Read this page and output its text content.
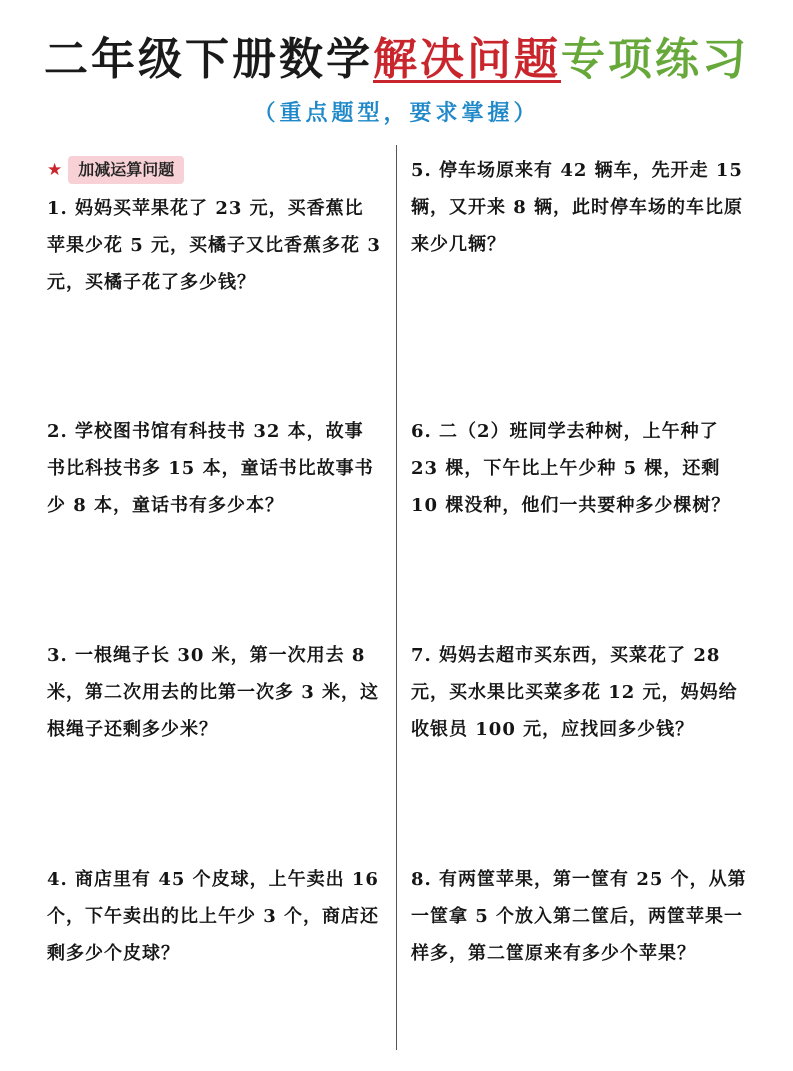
二年级下册数学解决问题专项练习
（重点题型，要求掌握）
★	加减运算问题
1. 妈妈买苹果花了 23 元，买香蕉比苹果少花 5 元，买橘子又比香蕉多花 3 元，买橘子花了多少钱？
2. 学校图书馆有科技书 32 本，故事书比科技书多 15 本，童话书比故事书少 8 本，童话书有多少本？
3. 一根绳子长 30 米，第一次用去 8 米，第二次用去的比第一次多 3 米，这根绳子还剩多少米？
4. 商店里有 45 个皮球，上午卖出 16 个，下午卖出的比上午少 3 个，商店还剩多少个皮球？
5. 停车场原来有 42 辆车，先开走 15 辆，又开来 8 辆，此时停车场的车比原来少几辆？
6. 二（2）班同学去种树，上午种了 23 棵，下午比上午少种 5 棵，还剩 10 棵没种，他们一共要种多少棵树？
7. 妈妈去超市买东西，买菜花了 28 元，买水果比买菜多花 12 元，妈妈给收银员 100 元，应找回多少钱？
8. 有两筐苹果，第一筐有 25 个，从第一筐拿 5 个放入第二筐后，两筐苹果一样多，第二筐原来有多少个苹果？
